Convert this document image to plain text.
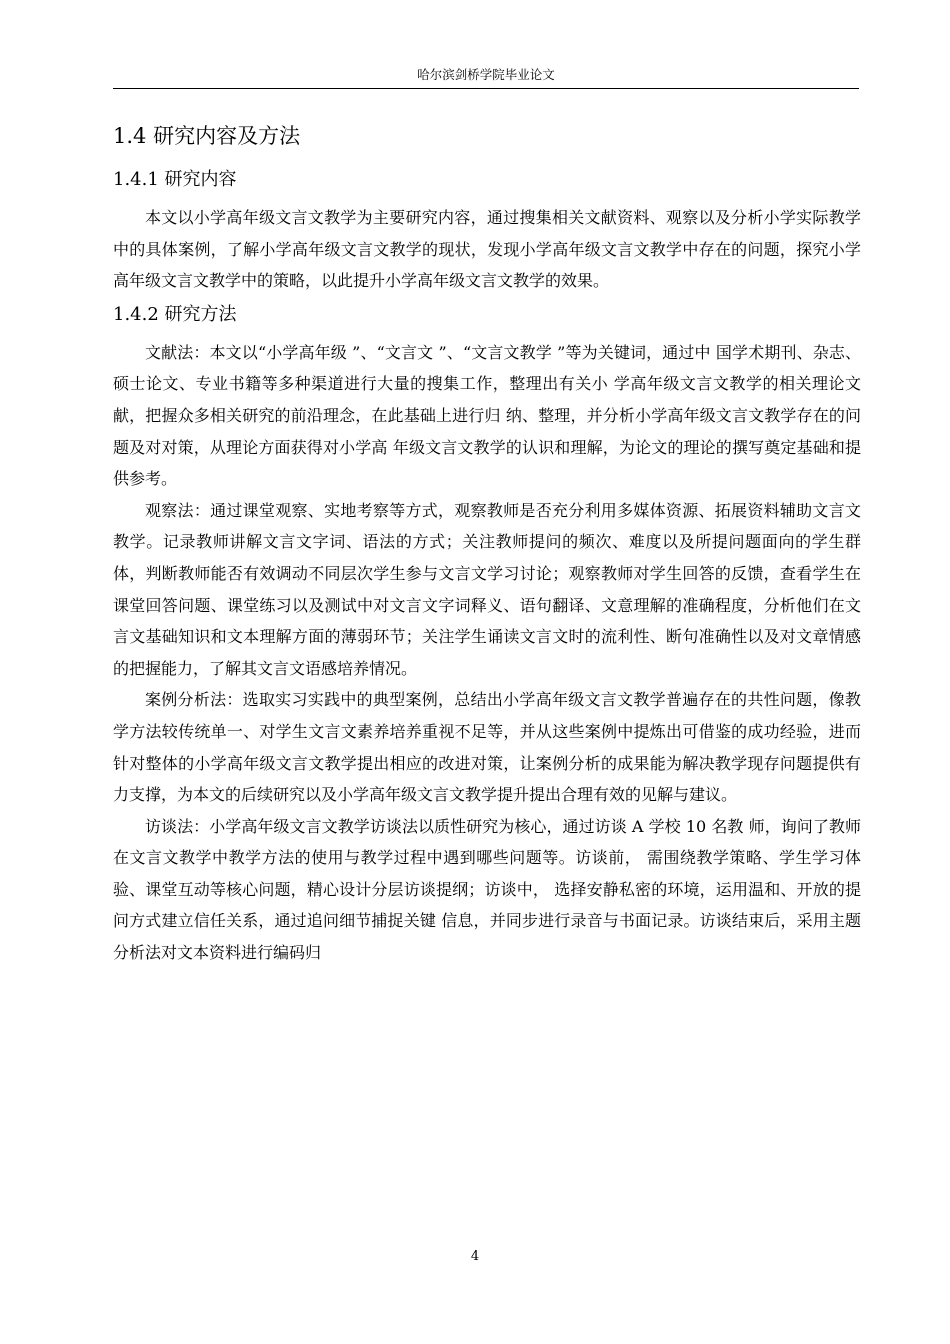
哈尔滨剑桥学院毕业论文
1.4 研究内容及方法
1.4.1 研究内容

本文以小学高年级文言文教学为主要研究内容，通过搜集相关文献资料、观察以及分析小学实际教学中的具体案例，了解小学高年级文言文教学的现状，发现小学高年级文言文教学中存在的问题，探究小学高年级文言文教学中的策略，以此提升小学高年级文言文教学的效果。

1.4.2 研究方法

文献法：本文以“小学高年级 ”、“文言文 ”、“文言文教学 ”等为关键词，通过中 国学术期刊、杂志、硕士论文、专业书籍等多种渠道进行大量的搜集工作，整理出有关小 学高年级文言文教学的相关理论文献，把握众多相关研究的前沿理念，在此基础上进行归 纳、整理，并分析小学高年级文言文教学存在的问题及对对策，从理论方面获得对小学高 年级文言文教学的认识和理解，为论文的理论的撰写奠定基础和提供参考。

观察法：通过课堂观察、实地考察等方式，观察教师是否充分利用多媒体资源、拓展资料辅助文言文教学。记录教师讲解文言文字词、语法的方式；关注教师提问的频次、难度以及所提问题面向的学生群体，判断教师能否有效调动不同层次学生参与文言文学习讨论；观察教师对学生回答的反馈，查看学生在课堂回答问题、课堂练习以及测试中对文言文字词释义、语句翻译、文意理解的准确程度，分析他们在文言文基础知识和文本理解方面的薄弱环节；关注学生诵读文言文时的流利性、断句准确性以及对文章情感的把握能力，了解其文言文语感培养情况。

案例分析法：选取实习实践中的典型案例，总结出小学高年级文言文教学普遍存在的共性问题，像教学方法较传统单一、对学生文言文素养培养重视不足等，并从这些案例中提炼出可借鉴的成功经验，进而针对整体的小学高年级文言文教学提出相应的改进对策，让案例分析的成果能为解决教学现存问题提供有力支撑，为本文的后续研究以及小学高年级文言文教学提升提出合理有效的见解与建议。

访谈法：小学高年级文言文教学访谈法以质性研究为核心，通过访谈 A 学校 10 名教 师，询问了教师在文言文教学中教学方法的使用与教学过程中遇到哪些问题等。访谈前， 需围绕教学策略、学生学习体验、课堂互动等核心问题，精心设计分层访谈提纲；访谈中， 选择安静私密的环境，运用温和、开放的提问方式建立信任关系，通过追问细节捕捉关键 信息，并同步进行录音与书面记录。访谈结束后，采用主题分析法对文本资料进行编码归

4
